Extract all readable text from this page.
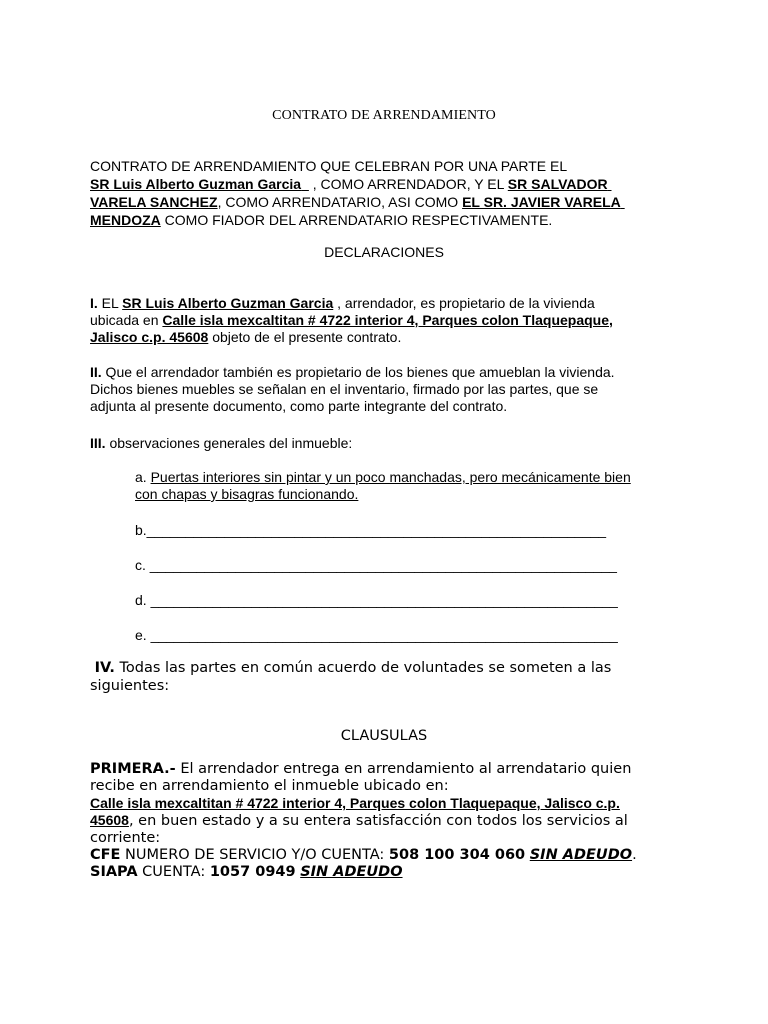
CONTRATO DE ARRENDAMIENTO
CONTRATO DE ARRENDAMIENTO QUE CELEBRAN POR UNA PARTE EL
SR Luis Alberto Guzman Garcia   , COMO ARRENDADOR, Y EL SR SALVADOR
VARELA SANCHEZ, COMO ARRENDATARIO, ASI COMO EL SR. JAVIER VARELA
MENDOZA COMO FIADOR DEL ARRENDATARIO RESPECTIVAMENTE.
DECLARACIONES
I. EL SR Luis Alberto Guzman Garcia , arrendador, es propietario de la vivienda
ubicada en Calle isla mexcaltitan # 4722 interior 4, Parques colon Tlaquepaque,
Jalisco c.p. 45608 objeto de el presente contrato.
II. Que el arrendador también es propietario de los bienes que amueblan la vivienda.
Dichos bienes muebles se señalan en el inventario, firmado por las partes, que se
adjunta al presente documento, como parte integrante del contrato.
III. observaciones generales del inmueble:
a. Puertas interiores sin pintar y un poco manchadas, pero mecánicamente bien
con chapas y bisagras funcionando.
b.___________________________________________________________
c. ____________________________________________________________
d. ____________________________________________________________
e. ____________________________________________________________
IV. Todas las partes en común acuerdo de voluntades se someten a las
siguientes:
CLAUSULAS
PRIMERA.- El arrendador entrega en arrendamiento al arrendatario quien
recibe en arrendamiento el inmueble ubicado en:
Calle isla mexcaltitan # 4722 interior 4, Parques colon Tlaquepaque, Jalisco c.p.
45608, en buen estado y a su entera satisfacción con todos los servicios al
corriente:
CFE NUMERO DE SERVICIO Y/O CUENTA: 508 100 304 060 SIN ADEUDO.
SIAPA CUENTA: 1057 0949 SIN ADEUDO
